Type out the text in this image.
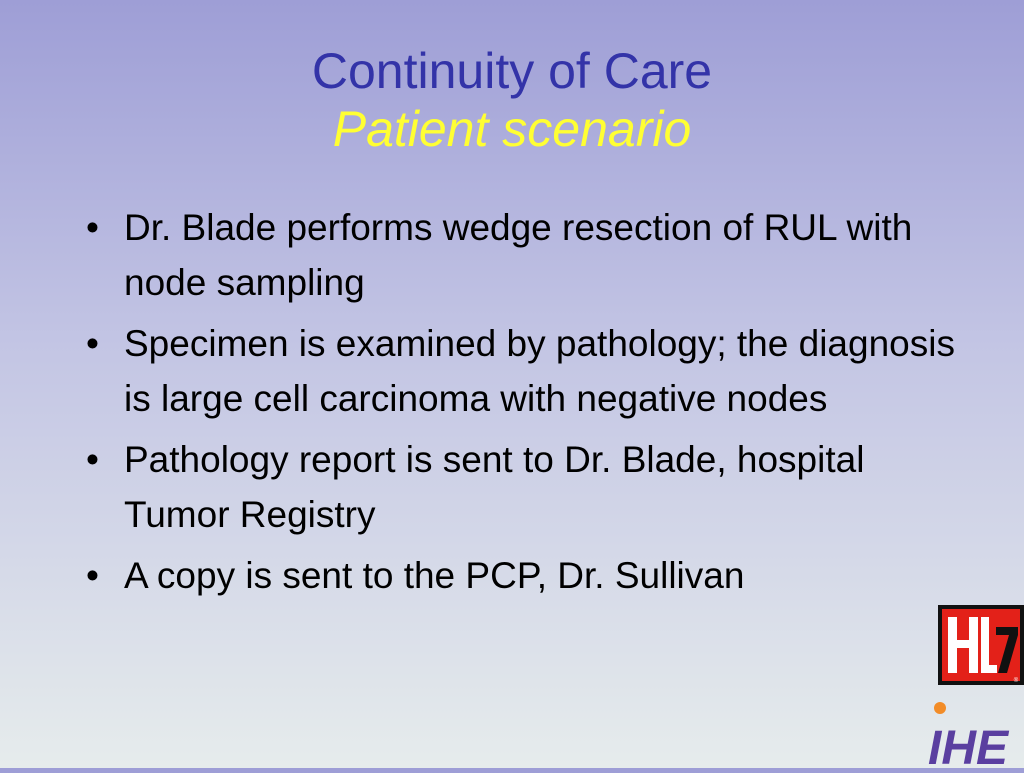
Continuity of Care
Patient scenario
• Dr. Blade performs wedge resection of RUL with node sampling
• Specimen is examined by pathology; the diagnosis is large cell carcinoma with negative nodes
• Pathology report is sent to Dr. Blade, hospital Tumor Registry
• A copy is sent to the PCP, Dr. Sullivan
®
IHE
